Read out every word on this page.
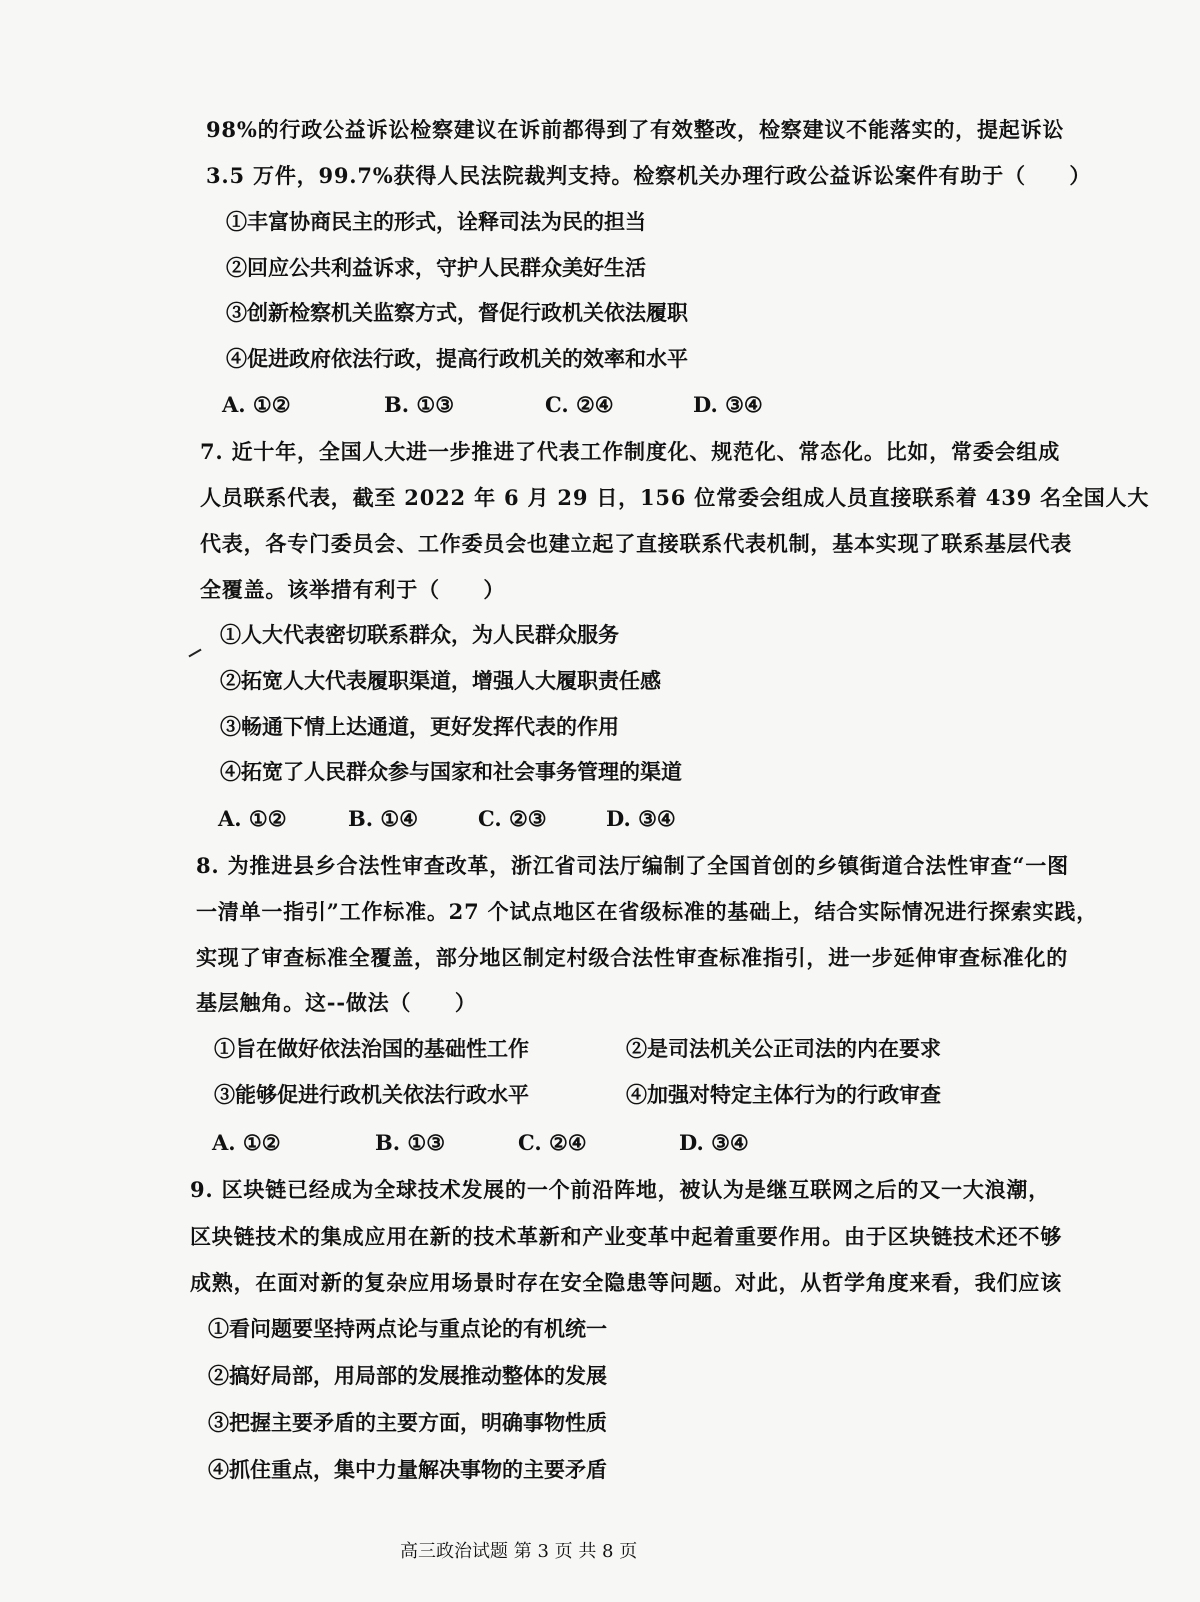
98%的行政公益诉讼检察建议在诉前都得到了有效整改，检察建议不能落实的，提起诉讼
3.5 万件，99.7%获得人民法院裁判支持。检察机关办理行政公益诉讼案件有助于（　　）
①丰富协商民主的形式，诠释司法为民的担当
②回应公共利益诉求，守护人民群众美好生活
③创新检察机关监察方式，督促行政机关依法履职
④促进政府依法行政，提高行政机关的效率和水平
A. ①②	B. ①③	C. ②④	D. ③④
7. 近十年，全国人大进一步推进了代表工作制度化、规范化、常态化。比如，常委会组成
人员联系代表，截至 2022 年 6 月 29 日，156 位常委会组成人员直接联系着 439 名全国人大
代表，各专门委员会、工作委员会也建立起了直接联系代表机制，基本实现了联系基层代表
全覆盖。该举措有利于（　　）
①人大代表密切联系群众，为人民群众服务
②拓宽人大代表履职渠道，增强人大履职责任感
③畅通下情上达通道，更好发挥代表的作用
④拓宽了人民群众参与国家和社会事务管理的渠道
A. ①②	B. ①④	C. ②③	D. ③④
8. 为推进县乡合法性审查改革，浙江省司法厅编制了全国首创的乡镇街道合法性审查“一图
一清单一指引”工作标准。27 个试点地区在省级标准的基础上，结合实际情况进行探索实践，
实现了审查标准全覆盖，部分地区制定村级合法性审查标准指引，进一步延伸审查标准化的
基层触角。这--做法（　　）
①旨在做好依法治国的基础性工作	②是司法机关公正司法的内在要求
③能够促进行政机关依法行政水平	④加强对特定主体行为的行政审查
A. ①②	B. ①③	C. ②④	D. ③④
9. 区块链已经成为全球技术发展的一个前沿阵地，被认为是继互联网之后的又一大浪潮，
区块链技术的集成应用在新的技术革新和产业变革中起着重要作用。由于区块链技术还不够
成熟，在面对新的复杂应用场景时存在安全隐患等问题。对此，从哲学角度来看，我们应该
①看问题要坚持两点论与重点论的有机统一
②搞好局部，用局部的发展推动整体的发展
③把握主要矛盾的主要方面，明确事物性质
④抓住重点，集中力量解决事物的主要矛盾
高三政治试题 第 3 页 共 8 页
